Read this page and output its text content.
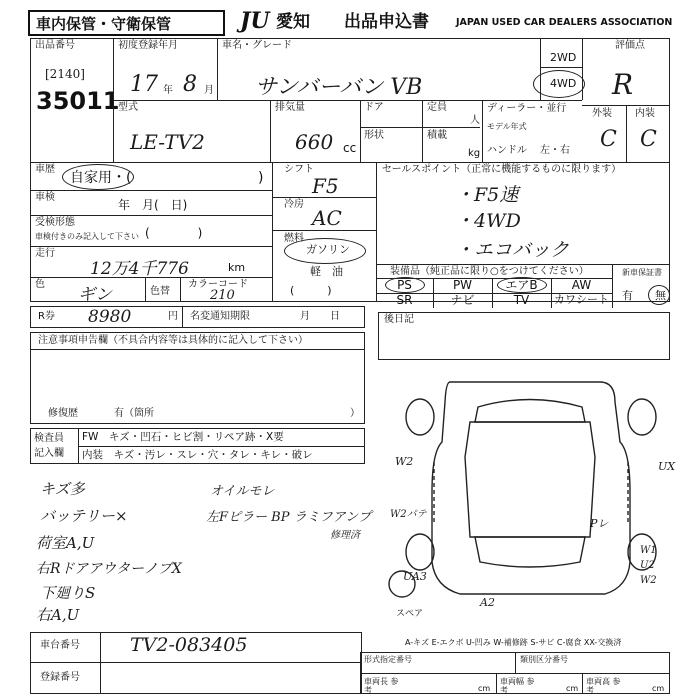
車内保管・守衛保管	JU 愛知 出品申込書	JAPAN USED CAR DEALERS ASSOCIATION
出品番号
[2140]
35011
初度登録年月
17 年 8 月
車名・グレード
サンバーバン VB
2WD
4WD
評価点
R
外装 内装
C C
型式
LE-TV2
排気量
660 cc
ドア
形状
定員
人
積載
kg
ディーラー・並行
モデル年式
ハンドル 左・右
車歴
自家用・(	)
車検
年　月(　日)
受検形態
車検付きのみ記入して下さい (　　　　)
走行
12万4千776	km
色
ギン	色替
カラーコード
210
シフト
F5
冷房
AC
燃料
ガソリン
軽　油
(　　　)
セールスポイント（正常に機能するものに限ります）
・F5速
・4WD
・エコバック
装備品（純正品に限り○をつけてください）
PS	PW	エアB	AW
SR	ナビ	TV	カワシート
新車保証書
有 無
R券 8980	円 名変通知期限	月　　日	後日記
注意事項申告欄（不具合内容等は具体的に記入して下さい）
修復歴	有（箇所	）
検査員
記入欄
FW　キズ・凹石・ヒビ割・リペア跡・X要
内装　キズ・汚レ・スレ・穴・タレ・キレ・破レ
キズ多
バッテリー×
荷室A,U
右RドアアウターノブX
下廻りS
右A,U
オイルモレ
左Fピラー BP ラミフアンプ
修理済
W2	UX
W2パテ
Pレ
W1
U2
W2
A2
UA3
スペア
A-キズ E-エクボ U-凹み W-補修跡 S-サビ C-腐食 XX-交換済
車台番号	TV2-083405
登録番号
形式指定番号	類別区分番号
車両長 参考	cm
車両幅 参考	cm
車両高 参考	cm
